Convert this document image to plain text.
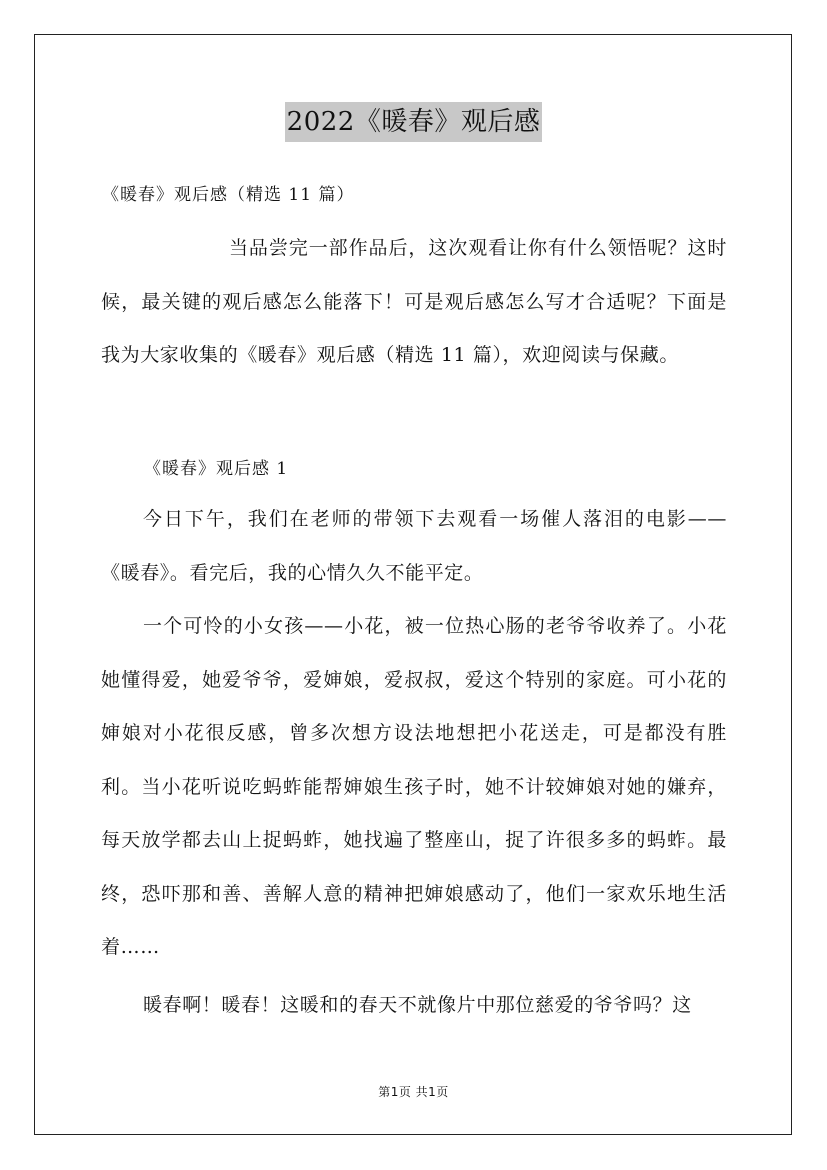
2022《暖春》观后感
《暖春》观后感（精选 11 篇）

当品尝完一部作品后，这次观看让你有什么领悟呢？这时候，最关键的观后感怎么能落下！可是观后感怎么写才合适呢？下面是我为大家收集的《暖春》观后感（精选 11 篇），欢迎阅读与保藏。

《暖春》观后感 1

今日下午，我们在老师的带领下去观看一场催人落泪的电影——《暖春》。看完后，我的心情久久不能平定。

一个可怜的小女孩——小花，被一位热心肠的老爷爷收养了。小花她懂得爱，她爱爷爷，爱婶娘，爱叔叔，爱这个特别的家庭。可小花的婶娘对小花很反感，曾多次想方设法地想把小花送走，可是都没有胜利。当小花听说吃蚂蚱能帮婶娘生孩子时，她不计较婶娘对她的嫌弃，每天放学都去山上捉蚂蚱，她找遍了整座山，捉了许很多多的蚂蚱。最终，恐吓那和善、善解人意的精神把婶娘感动了，他们一家欢乐地生活着……

暖春啊！暖春！这暖和的春天不就像片中那位慈爱的爷爷吗？这

第1页 共1页
